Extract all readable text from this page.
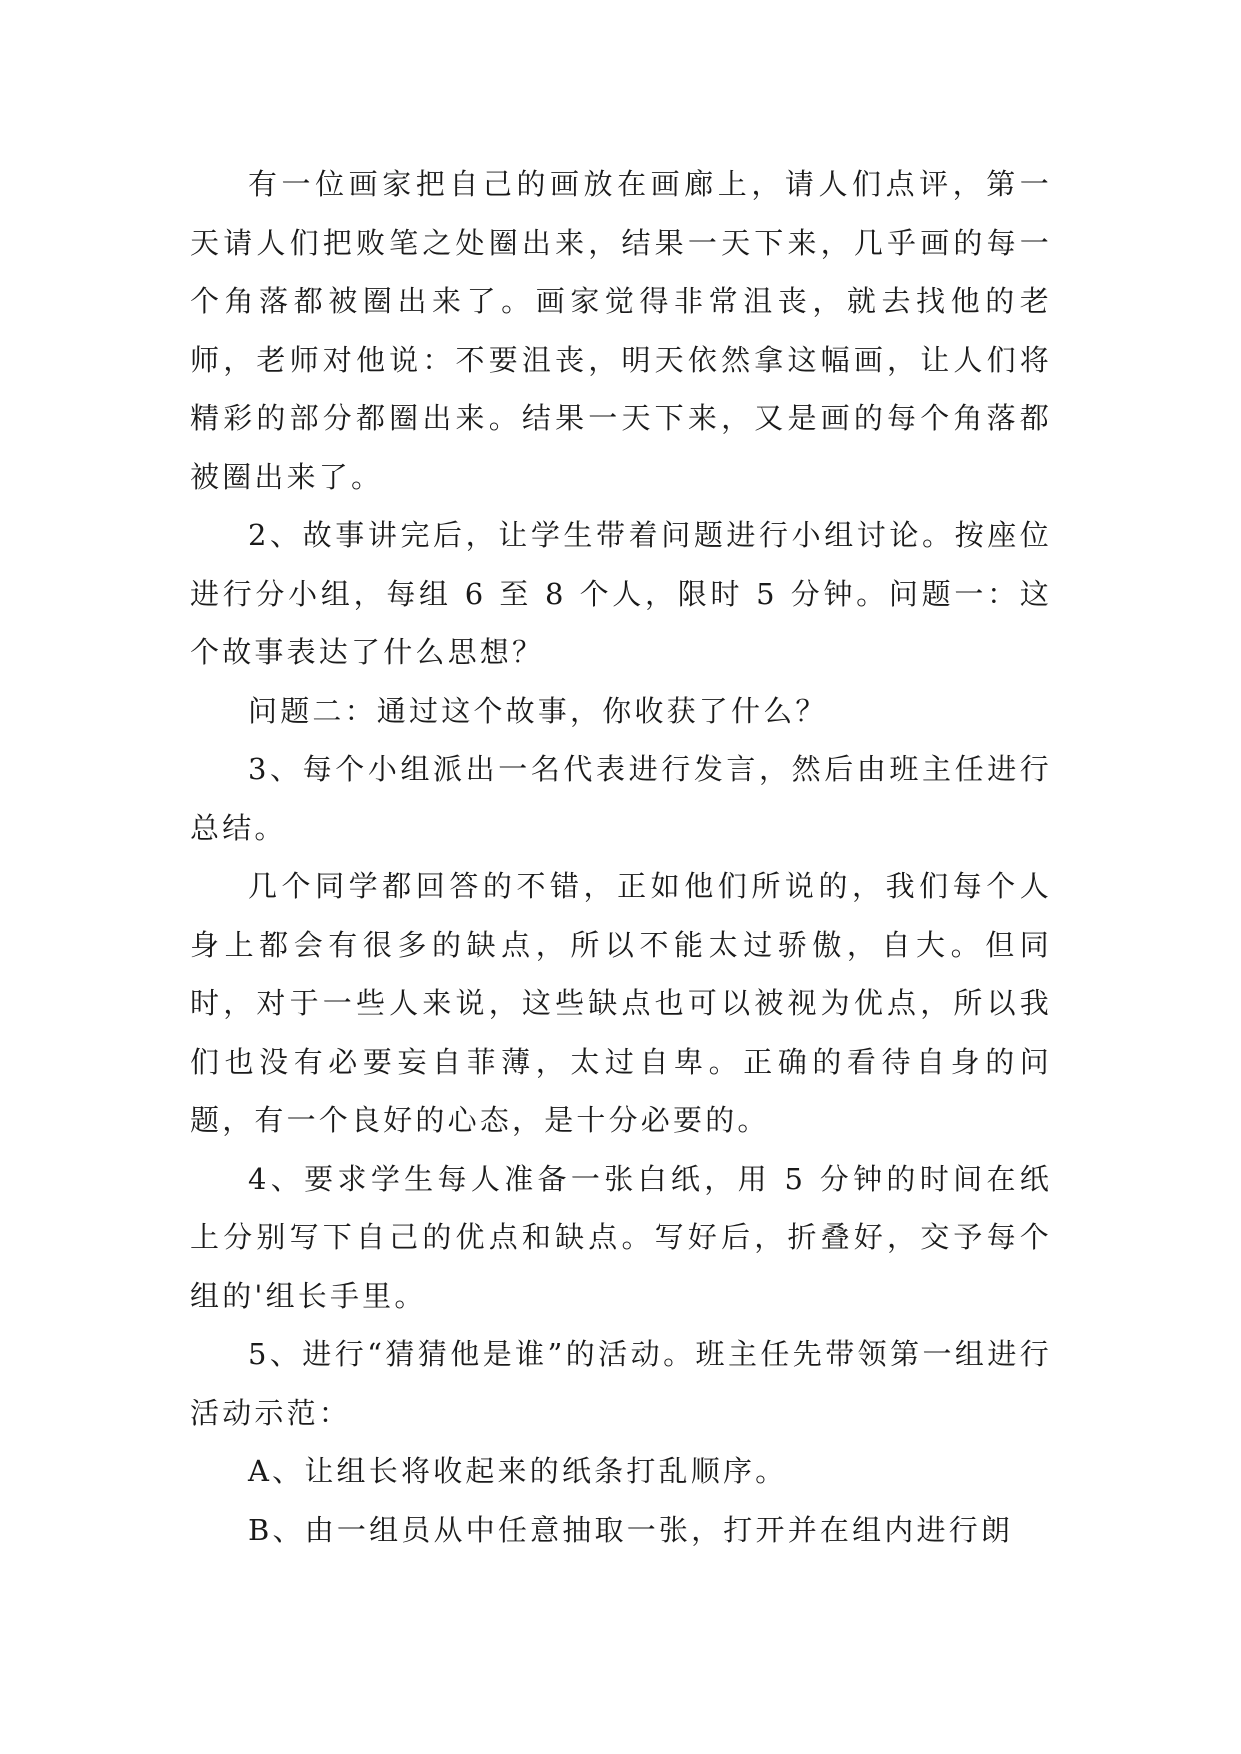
有一位画家把自己的画放在画廊上，请人们点评，第一天请人们把败笔之处圈出来，结果一天下来，几乎画的每一个角落都被圈出来了。画家觉得非常沮丧，就去找他的老师，老师对他说：不要沮丧，明天依然拿这幅画，让人们将精彩的部分都圈出来。结果一天下来，又是画的每个角落都被圈出来了。

2、故事讲完后，让学生带着问题进行小组讨论。按座位进行分小组，每组 6 至 8 个人，限时 5 分钟。问题一：这个故事表达了什么思想？

问题二：通过这个故事，你收获了什么？

3、每个小组派出一名代表进行发言，然后由班主任进行总结。

几个同学都回答的不错，正如他们所说的，我们每个人身上都会有很多的缺点，所以不能太过骄傲，自大。但同时，对于一些人来说，这些缺点也可以被视为优点，所以我们也没有必要妄自菲薄，太过自卑。正确的看待自身的问题，有一个良好的心态，是十分必要的。

4、要求学生每人准备一张白纸，用 5 分钟的时间在纸上分别写下自己的优点和缺点。写好后，折叠好，交予每个组的'组长手里。

5、进行“猜猜他是谁”的活动。班主任先带领第一组进行活动示范：

A、让组长将收起来的纸条打乱顺序。

B、由一组员从中任意抽取一张，打开并在组内进行朗
